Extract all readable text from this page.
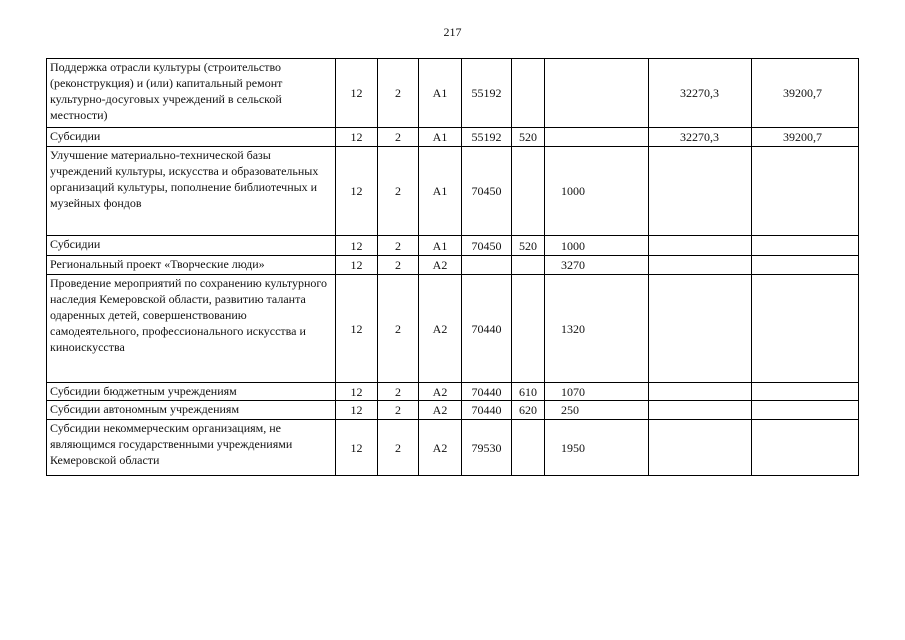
217
Поддержка отрасли культуры (строительство (реконструкция) и (или) капитальный ремонт культурно-досуговых учреждений в сельской местности)	12	2	А1	55192			32270,3	39200,7
Субсидии	12	2	А1	55192	520		32270,3	39200,7
Улучшение материально-технической базы учреждений культуры, искусства и образовательных организаций культуры, пополнение библиотечных и музейных фондов	12	2	А1	70450		1000		
Субсидии	12	2	А1	70450	520	1000		
Региональный проект «Творческие люди»	12	2	А2			3270		
Проведение мероприятий по сохранению культурного наследия Кемеровской области, развитию таланта одаренных детей, совершенствованию самодеятельного, профессионального искусства и киноискусства	12	2	А2	70440		1320		
Субсидии бюджетным учреждениям	12	2	А2	70440	610	1070		
Субсидии автономным учреждениям	12	2	А2	70440	620	250		
Субсидии некоммерческим организациям, не являющимся государственными учреждениями Кемеровской области	12	2	А2	79530		1950		
